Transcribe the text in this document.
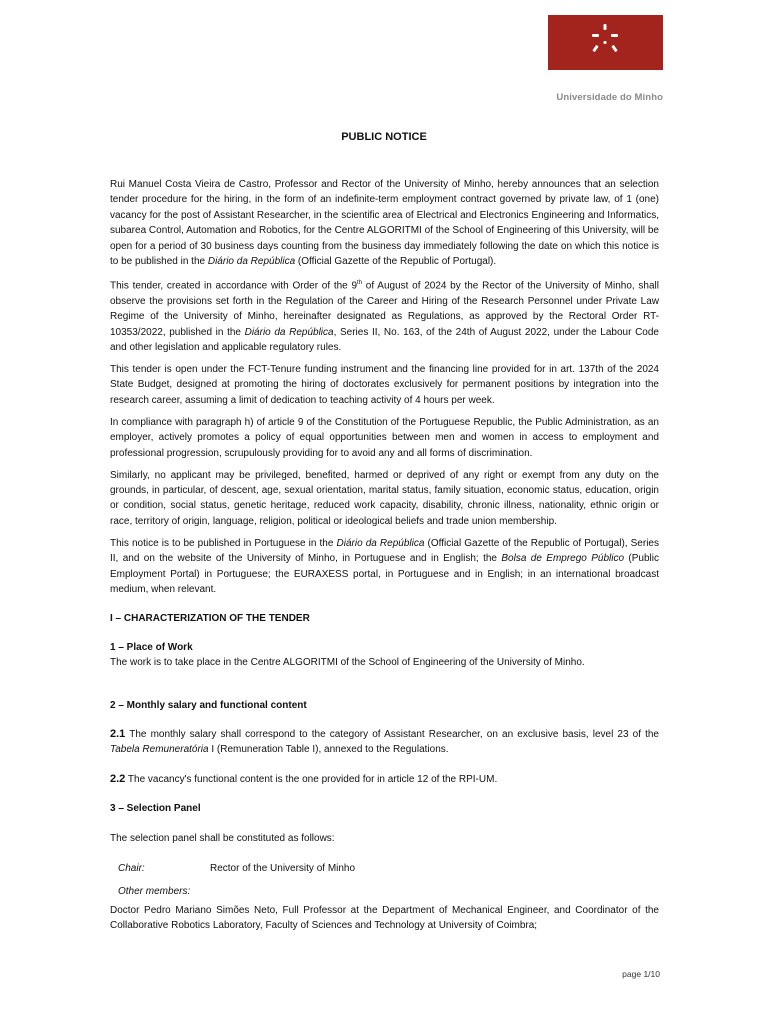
Universidade do Minho
PUBLIC NOTICE

Rui Manuel Costa Vieira de Castro, Professor and Rector of the University of Minho, hereby announces that an selection tender procedure for the hiring, in the form of an indefinite-term employment contract governed by private law, of 1 (one) vacancy for the post of Assistant Researcher, in the scientific area of Electrical and Electronics Engineering and Informatics, subarea Control, Automation and Robotics, for the Centre ALGORITMI of the School of Engineering of this University, will be open for a period of 30 business days counting from the business day immediately following the date on which this notice is to be published in the Diário da República (Official Gazette of the Republic of Portugal).

This tender, created in accordance with Order of the 9th of August of 2024 by the Rector of the University of Minho, shall observe the provisions set forth in the Regulation of the Career and Hiring of the Research Personnel under Private Law Regime of the University of Minho, hereinafter designated as Regulations, as approved by the Rectoral Order RT-10353/2022, published in the Diário da República, Series II, No. 163, of the 24th of August 2022, under the Labour Code and other legislation and applicable regulatory rules.

This tender is open under the FCT-Tenure funding instrument and the financing line provided for in art. 137th of the 2024 State Budget, designed at promoting the hiring of doctorates exclusively for permanent positions by integration into the research career, assuming a limit of dedication to teaching activity of 4 hours per week.

In compliance with paragraph h) of article 9 of the Constitution of the Portuguese Republic, the Public Administration, as an employer, actively promotes a policy of equal opportunities between men and women in access to employment and professional progression, scrupulously providing for to avoid any and all forms of discrimination.

Similarly, no applicant may be privileged, benefited, harmed or deprived of any right or exempt from any duty on the grounds, in particular, of descent, age, sexual orientation, marital status, family situation, economic status, education, origin or condition, social status, genetic heritage, reduced work capacity, disability, chronic illness, nationality, ethnic origin or race, territory of origin, language, religion, political or ideological beliefs and trade union membership.

This notice is to be published in Portuguese in the Diário da República (Official Gazette of the Republic of Portugal), Series II, and on the website of the University of Minho, in Portuguese and in English; the Bolsa de Emprego Público (Public Employment Portal) in Portuguese; the EURAXESS portal, in Portuguese and in English; in an international broadcast medium, when relevant.

I – CHARACTERIZATION OF THE TENDER
1 – Place of Work

The work is to take place in the Centre ALGORITMI of the School of Engineering of the University of Minho.

2 – Monthly salary and functional content

2.1 The monthly salary shall correspond to the category of Assistant Researcher, on an exclusive basis, level 23 of the Tabela Remuneratória I (Remuneration Table I), annexed to the Regulations.

2.2 The vacancy's functional content is the one provided for in article 12 of the RPI-UM.

3 – Selection Panel

The selection panel shall be constituted as follows:

Chair:	Rector of the University of Minho
Other members:

Doctor Pedro Mariano Simões Neto, Full Professor at the Department of Mechanical Engineer, and Coordinator of the Collaborative Robotics Laboratory, Faculty of Sciences and Technology at University of Coimbra;

page 1/10
